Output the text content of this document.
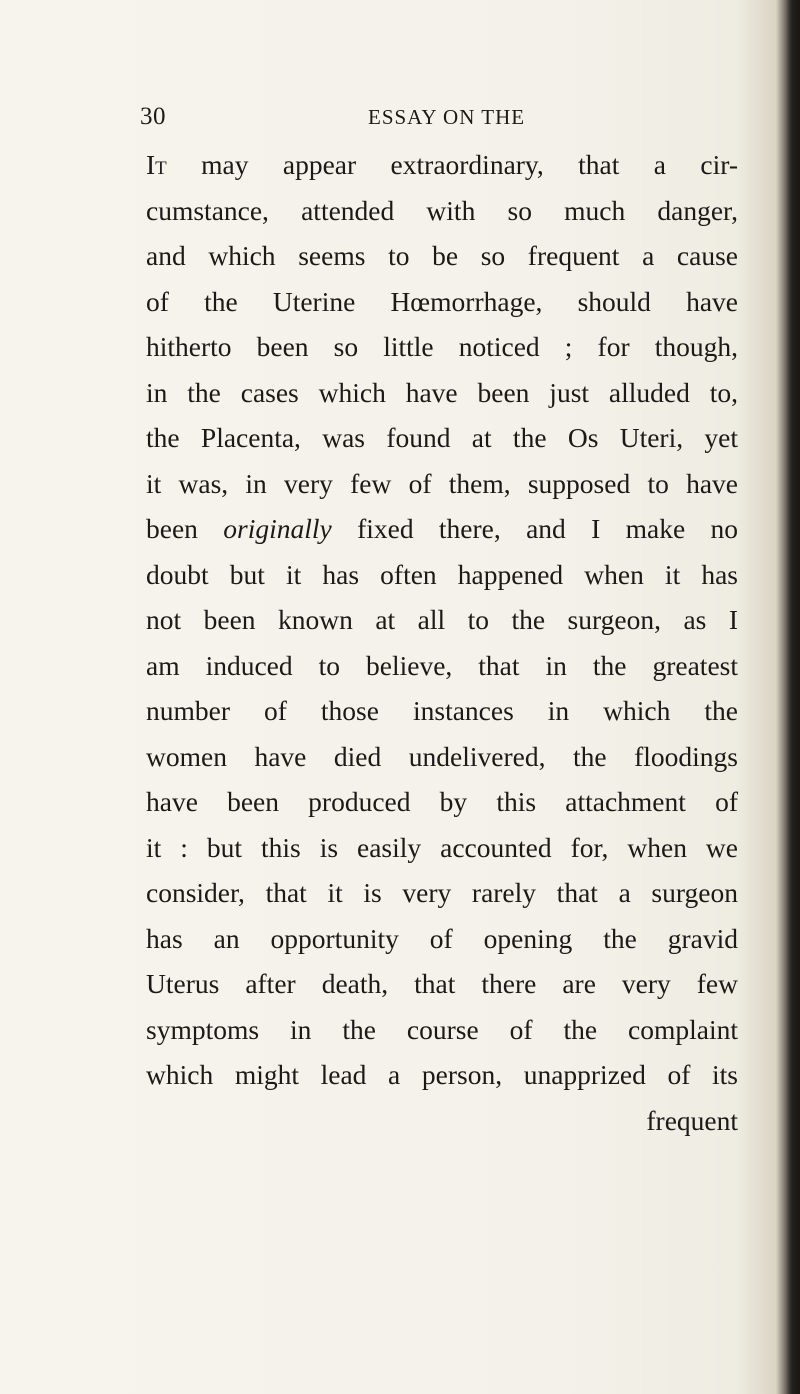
30	ESSAY ON THE
It may appear extraordinary, that a cir-
cumstance, attended with so much danger,
and which seems to be so frequent a cause
of the Uterine Hœmorrhage, should have
hitherto been so little noticed ; for though,
in the cases which have been just alluded to,
the Placenta, was found at the Os Uteri, yet
it was, in very few of them, supposed to have
been originally fixed there, and I make no
doubt but it has often happened when it has
not been known at all to the surgeon, as I
am induced to believe, that in the greatest
number of those instances in which the
women have died undelivered, the floodings
have been produced by this attachment of
it : but this is easily accounted for, when we
consider, that it is very rarely that a surgeon
has an opportunity of opening the gravid
Uterus after death, that there are very few
symptoms in the course of the complaint
which might lead a person, unapprized of its
frequent
